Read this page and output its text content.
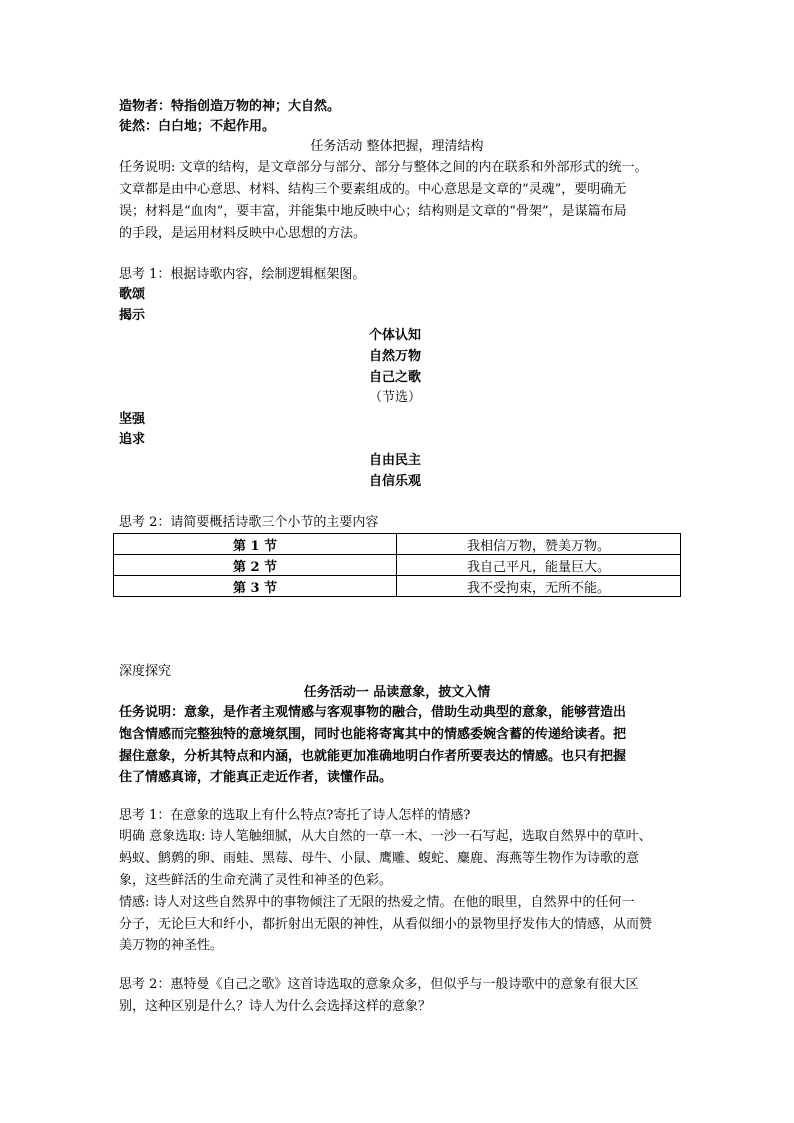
造物者：特指创造万物的神；大自然。
徒然：白白地；不起作用。
任务活动 整体把握，理清结构
任务说明: 文章的结构，是文章部分与部分、部分与整体之间的内在联系和外部形式的统一。
文章都是由中心意思、材料、结构三个要素组成的。中心意思是文章的“灵魂”，要明确无
误；材料是“血肉”，要丰富，并能集中地反映中心；结构则是文章的“骨架”，是谋篇布局
的手段，是运用材料反映中心思想的方法。
思考 1：根据诗歌内容，绘制逻辑框架图。
歌颂
揭示
个体认知
自然万物
自己之歌
（节选）
坚强
追求
自由民主
自信乐观
思考 2：请简要概括诗歌三个小节的主要内容
第 1 节	我相信万物，赞美万物。
第 2 节	我自己平凡，能量巨大。
第 3 节	我不受拘束，无所不能。
深度探究
任务活动一 品读意象，披文入情
任务说明：意象，是作者主观情感与客观事物的融合，借助生动典型的意象，能够营造出
饱含情感而完整独特的意境氛围，同时也能将寄寓其中的情感委婉含蓄的传递给读者。把
握住意象，分析其特点和内涵，也就能更加准确地明白作者所要表达的情感。也只有把握
住了情感真谛，才能真正走近作者，读懂作品。
思考 1：在意象的选取上有什么特点?寄托了诗人怎样的情感?
明确 意象选取: 诗人笔触细腻，从大自然的一草一木、一沙一石写起，选取自然界中的草叶、
蚂蚁、鹪鹩的卵、雨蛙、黑莓、母牛、小鼠、鹰雕、蝮蛇、麋鹿、海燕等生物作为诗歌的意
象，这些鲜活的生命充满了灵性和神圣的色彩。
情感: 诗人对这些自然界中的事物倾注了无限的热爱之情。在他的眼里，自然界中的任何一
分子，无论巨大和纤小，都折射出无限的神性，从看似细小的景物里抒发伟大的情感，从而赞
美万物的神圣性。
思考 2：惠特曼《自己之歌》这首诗选取的意象众多，但似乎与一般诗歌中的意象有很大区
别，这种区别是什么？诗人为什么会选择这样的意象？
